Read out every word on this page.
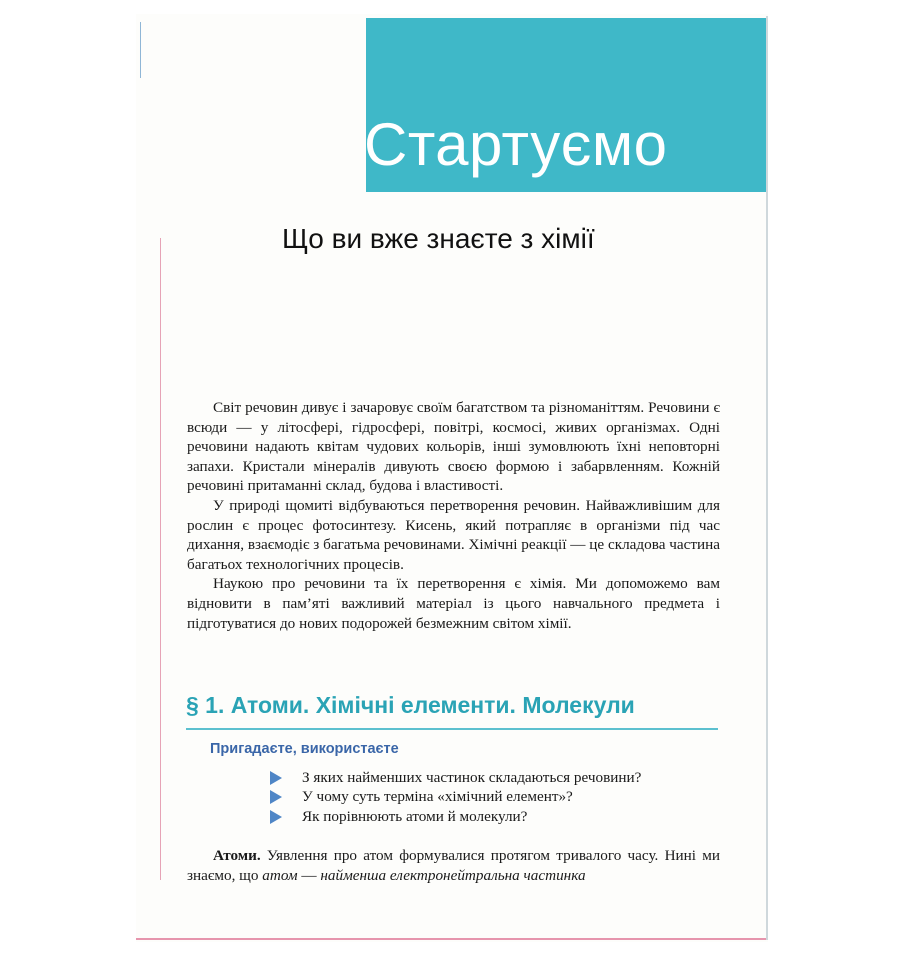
Стартуємо
Що ви вже знаєте з хімії

Світ речовин дивує і зачаровує своїм багатством та різноманіттям. Речовини є всюди — у літосфері, гідросфері, повітрі, космосі, живих організмах. Одні речовини надають квітам чудових кольорів, інші зумовлюють їхні неповторні запахи. Кристали мінералів дивують своєю формою і забарвленням. Кожній речовині притаманні склад, будова і властивості.

У природі щомиті відбуваються перетворення речовин. Найважливішим для рослин є процес фотосинтезу. Кисень, який потрапляє в організми під час дихання, взаємодіє з багатьма речовинами. Хімічні реакції — це складова частина багатьох технологічних процесів.

Наукою про речовини та їх перетворення є хімія. Ми допоможемо вам відновити в пам’яті важливий матеріал із цього навчального предмета і підготуватися до нових подорожей безмежним світом хімії.

§ 1. Атоми. Хімічні елементи. Молекули
Пригадаєте, використаєте
З яких найменших частинок складаються речовини?
У чому суть терміна «хімічний елемент»?
Як порівнюють атоми й молекули?

Атоми. Уявлення про атом формувалися протягом тривалого часу. Нині ми знаємо, що атом — найменша електронейтральна частинка
